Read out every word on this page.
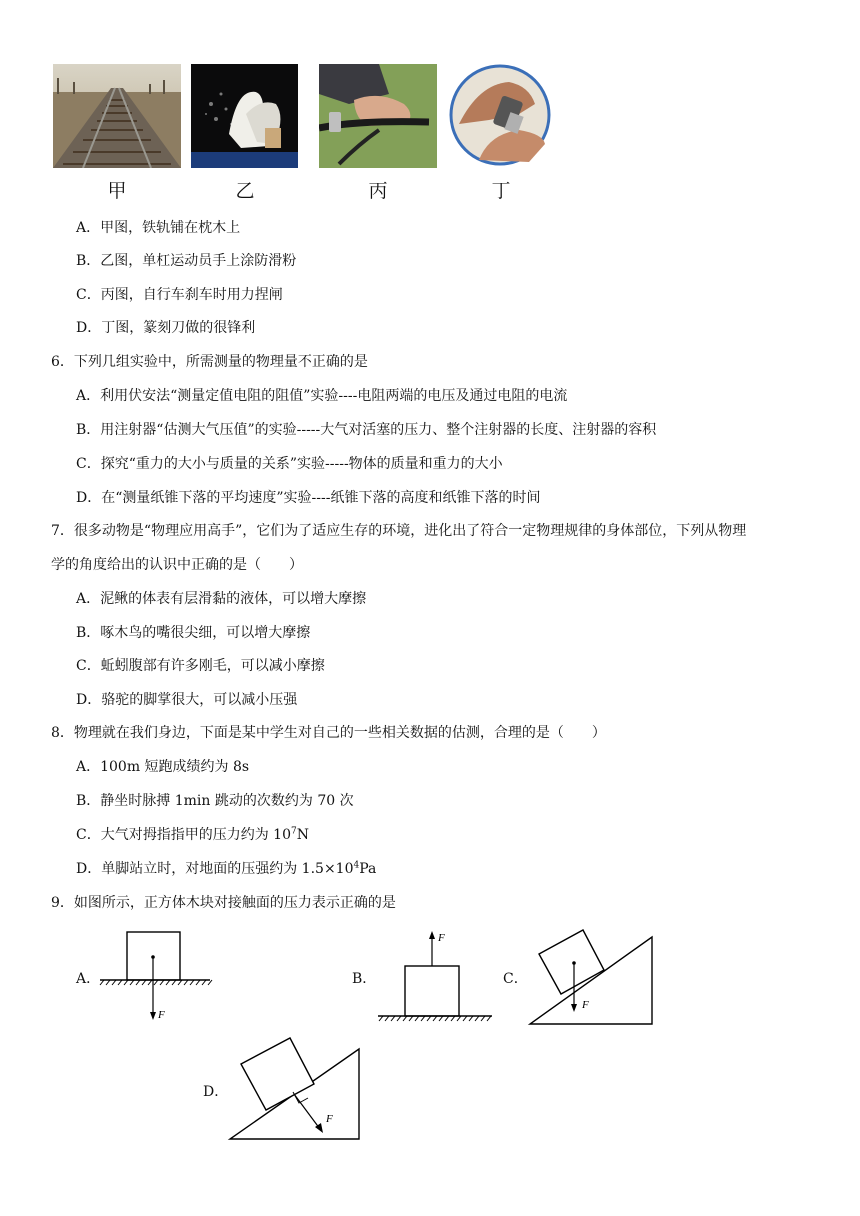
甲	乙	丙	丁
A．甲图，铁轨铺在枕木上
B．乙图，单杠运动员手上涂防滑粉
C．丙图，自行车刹车时用力捏闸
D．丁图，篆刻刀做的很锋利
6．下列几组实验中，所需测量的物理量不正确的是
A．利用伏安法“测量定值电阻的阻值”实验----电阻两端的电压及通过电阻的电流
B．用注射器“估测大气压值”的实验-----大气对活塞的压力、整个注射器的长度、注射器的容积
C．探究“重力的大小与质量的关系”实验-----物体的质量和重力的大小
D．在“测量纸锥下落的平均速度”实验----纸锥下落的高度和纸锥下落的时间
7．很多动物是“物理应用高手”，它们为了适应生存的环境，进化出了符合一定物理规律的身体部位，下列从物理
学的角度给出的认识中正确的是（　　）
A．泥鳅的体表有层滑黏的液体，可以增大摩擦
B．啄木鸟的嘴很尖细，可以增大摩擦
C．蚯蚓腹部有许多刚毛，可以减小摩擦
D．骆驼的脚掌很大，可以减小压强
8．物理就在我们身边，下面是某中学生对自己的一些相关数据的估测，合理的是（　　）
A．100m 短跑成绩约为 8s
B．静坐时脉搏 1min 跳动的次数约为 70 次
C．大气对拇指指甲的压力约为 $10^7N$
D．单脚站立时，对地面的压强约为 $1.5\times 10^4Pa$
9．如图所示，正方体木块对接触面的压力表示正确的是
A．	B．	C．
D．
F
F
F
F
